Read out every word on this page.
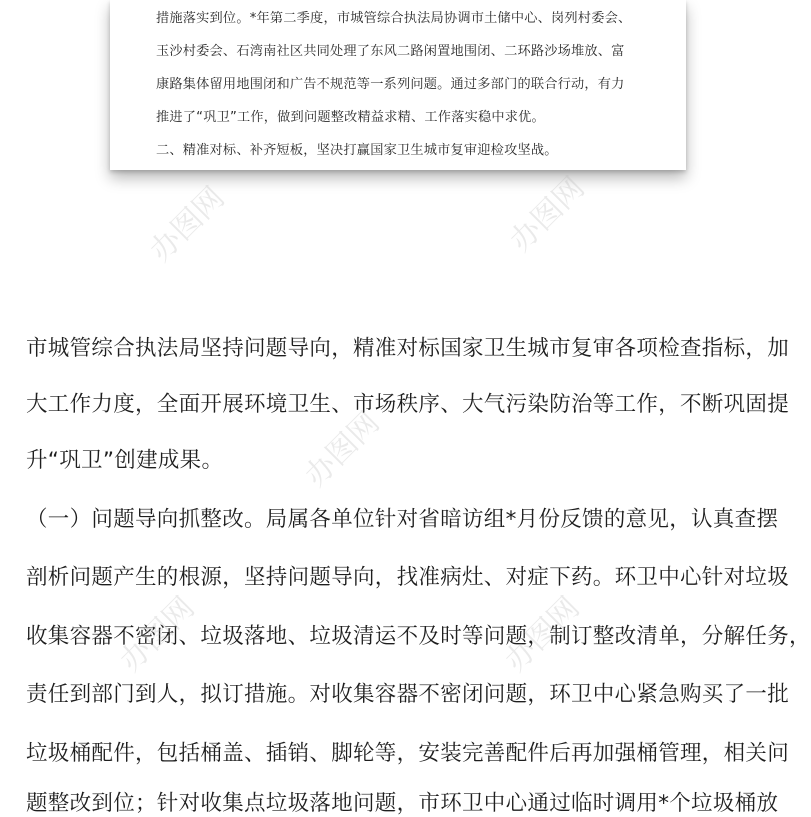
措施落实到位。*年第二季度，市城管综合执法局协调市土储中心、岗列村委会、
玉沙村委会、石湾南社区共同处理了东风二路闲置地围闭、二环路沙场堆放、富
康路集体留用地围闭和广告不规范等一系列问题。通过多部门的联合行动，有力
推进了“巩卫”工作，做到问题整改精益求精、工作落实稳中求优。
二、精准对标、补齐短板，坚决打赢国家卫生城市复审迎检攻坚战。
市城管综合执法局坚持问题导向，精准对标国家卫生城市复审各项检查指标，加
大工作力度，全面开展环境卫生、市场秩序、大气污染防治等工作，不断巩固提
升“巩卫”创建成果。
（一）问题导向抓整改。局属各单位针对省暗访组*月份反馈的意见，认真查摆
剖析问题产生的根源，坚持问题导向，找准病灶、对症下药。环卫中心针对垃圾
收集容器不密闭、垃圾落地、垃圾清运不及时等问题，制订整改清单，分解任务，
责任到部门到人，拟订措施。对收集容器不密闭问题，环卫中心紧急购买了一批
垃圾桶配件，包括桶盖、插销、脚轮等，安装完善配件后再加强桶管理，相关问
题整改到位；针对收集点垃圾落地问题，市环卫中心通过临时调用*个垃圾桶放
办图网	办图网
办图网
办图网	办图网
